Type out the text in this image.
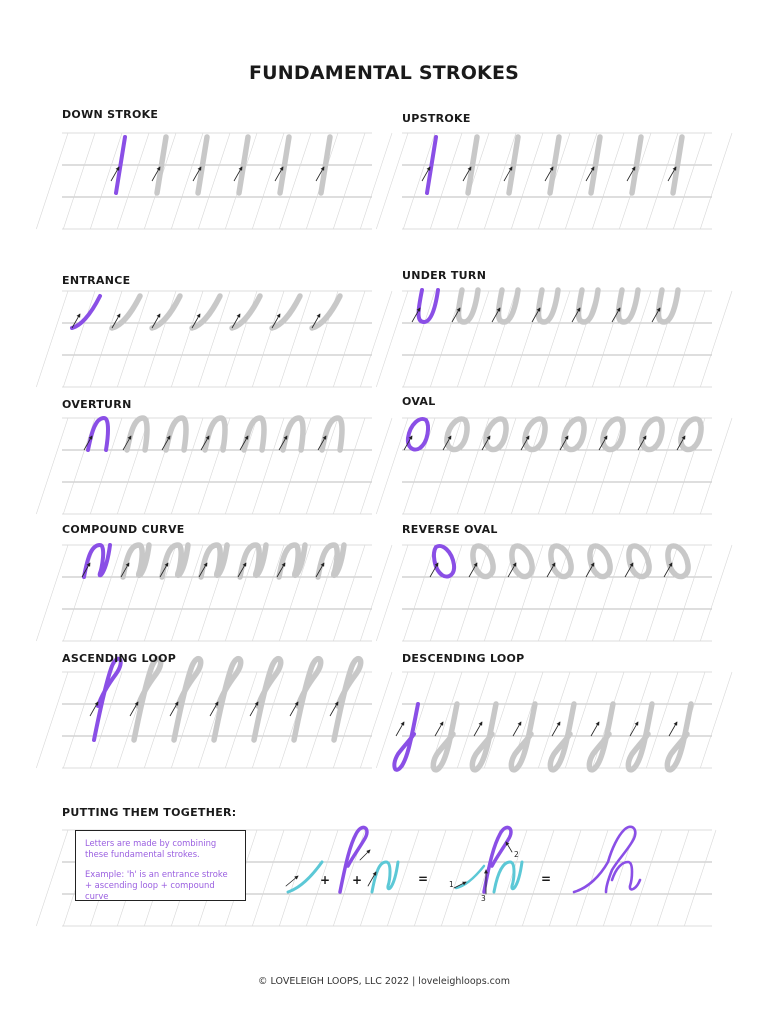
FUNDAMENTAL STROKES
DOWN STROKE	UPSTROKE
ENTRANCE	UNDER TURN
OVERTURN	OVAL
COMPOUND CURVE	REVERSE OVAL
ASCENDING LOOP	DESCENDING LOOP
PUTTING THEM TOGETHER:

Letters are made by combining these fundamental strokes.

Example: 'h' is an entrance stroke + ascending loop + compound curve

+ +	=	=
1
2
3
© LOVELEIGH LOOPS, LLC 2022 | loveleighloops.com
